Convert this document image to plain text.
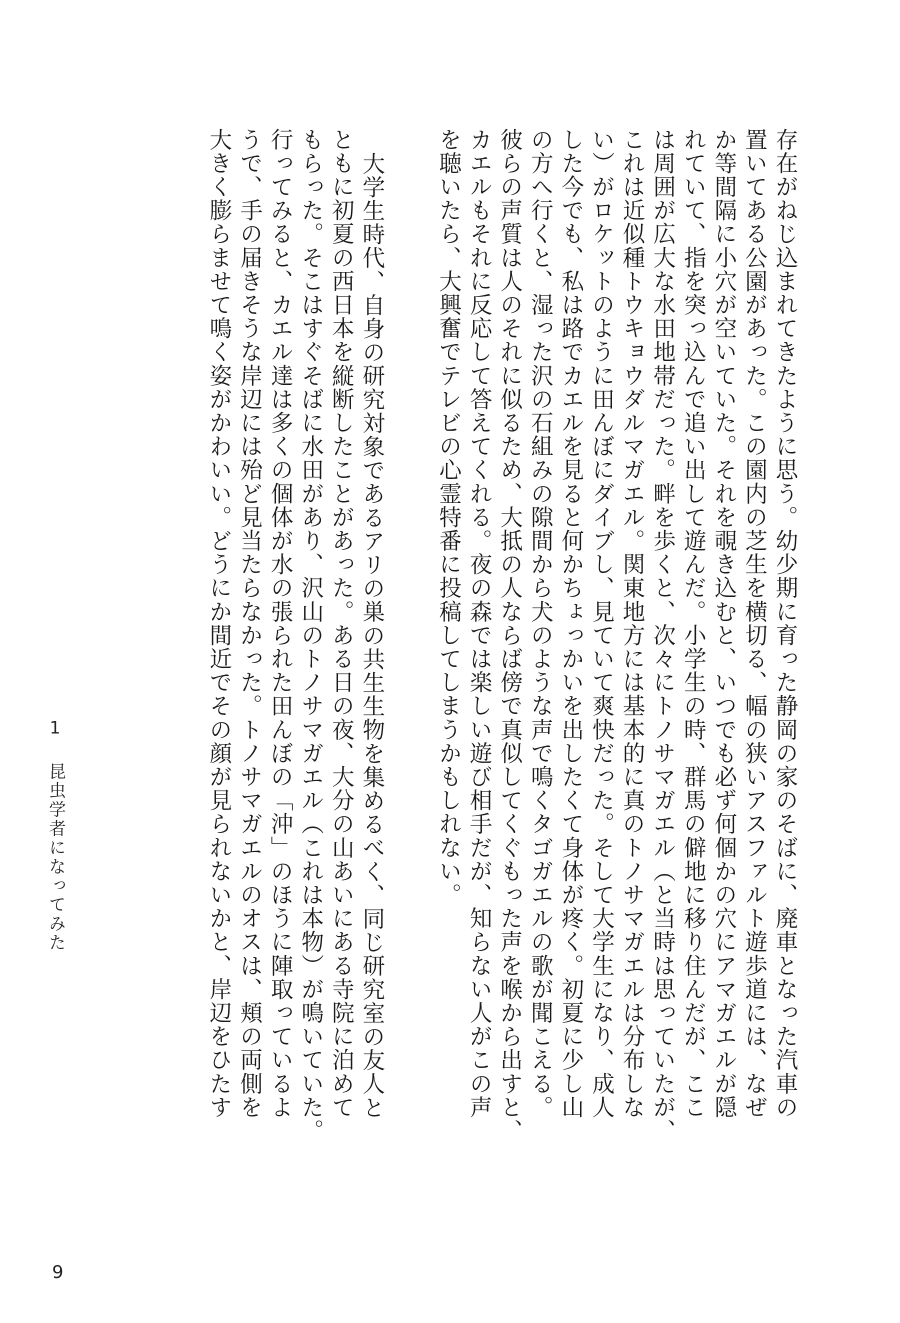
存在がねじ込まれてきたように思う。幼少期に育った静岡の家のそばに、廃車となった汽車の
置いてある公園があった。この園内の芝生を横切る、幅の狭いアスファルト遊歩道には、なぜ
か等間隔に小穴が空いていた。それを覗き込むと、いつでも必ず何個かの穴にアマガエルが隠
れていて、指を突っ込んで追い出して遊んだ。小学生の時、群馬の僻地に移り住んだが、ここ
は周囲が広大な水田地帯だった。畔を歩くと、次々にトノサマガエル（と当時は思っていたが、
これは近似種トウキョウダルマガエル。関東地方には基本的に真のトノサマガエルは分布しな
い）がロケットのように田んぼにダイブし、見ていて爽快だった。そして大学生になり、成人
した今でも、私は路でカエルを見ると何かちょっかいを出したくて身体が疼く。初夏に少し山
の方へ行くと、湿った沢の石組みの隙間から犬のような声で鳴くタゴガエルの歌が聞こえる。
彼らの声質は人のそれに似るため、大抵の人ならば傍で真似してくぐもった声を喉から出すと、
カエルもそれに反応して答えてくれる。夜の森では楽しい遊び相手だが、知らない人がこの声
を聴いたら、大興奮でテレビの心霊特番に投稿してしまうかもしれない。
大学生時代、自身の研究対象であるアリの巣の共生生物を集めるべく、同じ研究室の友人と
ともに初夏の西日本を縦断したことがあった。ある日の夜、大分の山あいにある寺院に泊めて
もらった。そこはすぐそばに水田があり、沢山のトノサマガエル（これは本物）が鳴いていた。
行ってみると、カエル達は多くの個体が水の張られた田んぼの「沖」のほうに陣取っているよ
うで、手の届きそうな岸辺には殆ど見当たらなかった。トノサマガエルのオスは、頬の両側を
大きく膨らませて鳴く姿がかわいい。どうにか間近でその顔が見られないかと、岸辺をひたす
1 昆虫学者になってみた
9
